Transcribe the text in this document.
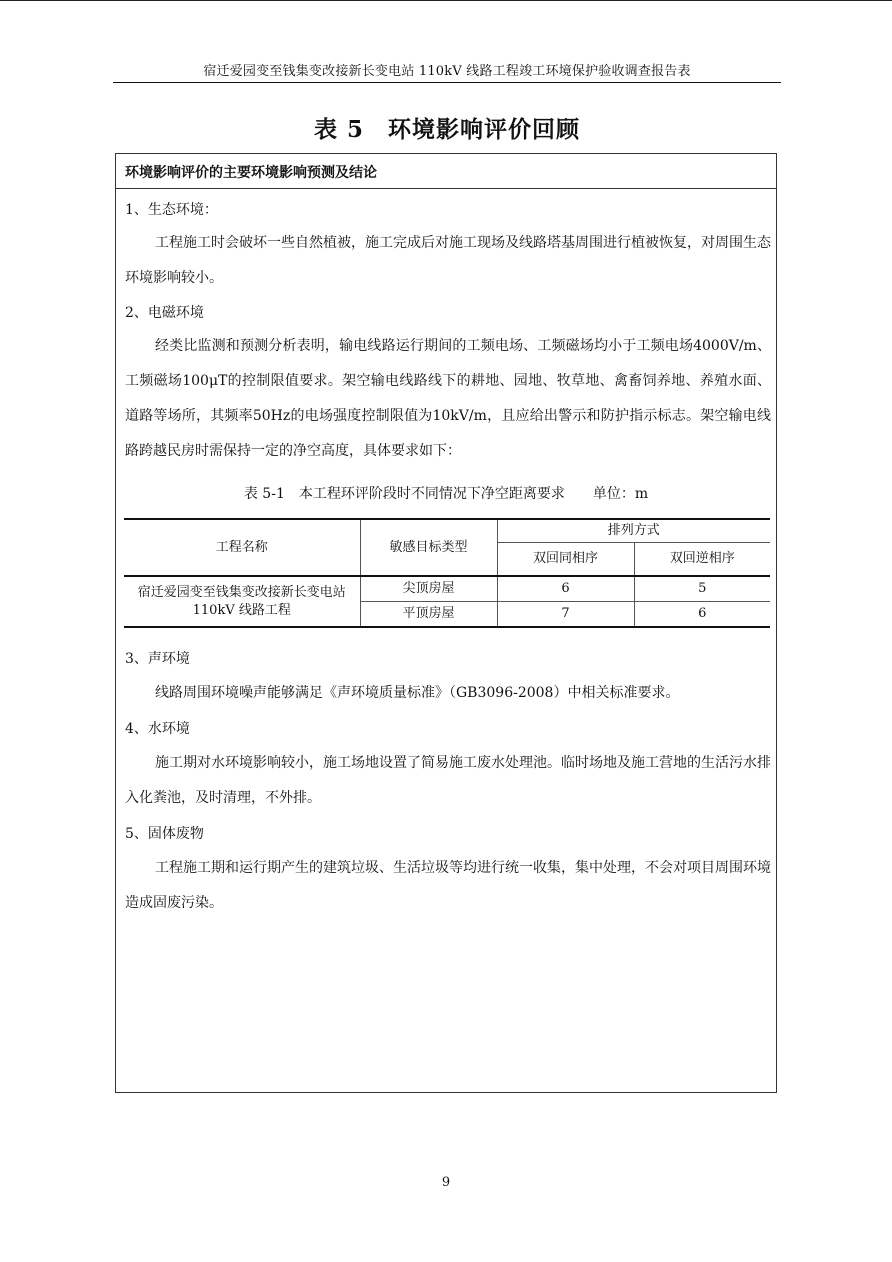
宿迁爱园变至钱集变改接新长变电站 110kV 线路工程竣工环境保护验收调查报告表
表 5　环境影响评价回顾
环境影响评价的主要环境影响预测及结论
1、生态环境：
工程施工时会破坏一些自然植被，施工完成后对施工现场及线路塔基周围进行植被恢复，对周围生态环境影响较小。
2、电磁环境
经类比监测和预测分析表明，输电线路运行期间的工频电场、工频磁场均小于工频电场4000V/m、工频磁场100μT的控制限值要求。架空输电线路线下的耕地、园地、牧草地、禽畜饲养地、养殖水面、道路等场所，其频率50Hz的电场强度控制限值为10kV/m，且应给出警示和防护指示标志。架空输电线路跨越民房时需保持一定的净空高度，具体要求如下：
表 5-1　本工程环评阶段时不同情况下净空距离要求 单位：m
工程名称	敏感目标类型	排列方式	
		双回同相序	双回逆相序

宿迁爱园变至钱集变改接新长变电站
110kV 线路工程	尖顶房屋	6	5
	平顶房屋	7	6
3、声环境
线路周围环境噪声能够满足《声环境质量标准》（GB3096-2008）中相关标准要求。
4、水环境
施工期对水环境影响较小，施工场地设置了简易施工废水处理池。临时场地及施工营地的生活污水排入化粪池，及时清理，不外排。
5、固体废物
工程施工期和运行期产生的建筑垃圾、生活垃圾等均进行统一收集，集中处理，不会对项目周围环境造成固废污染。
9
